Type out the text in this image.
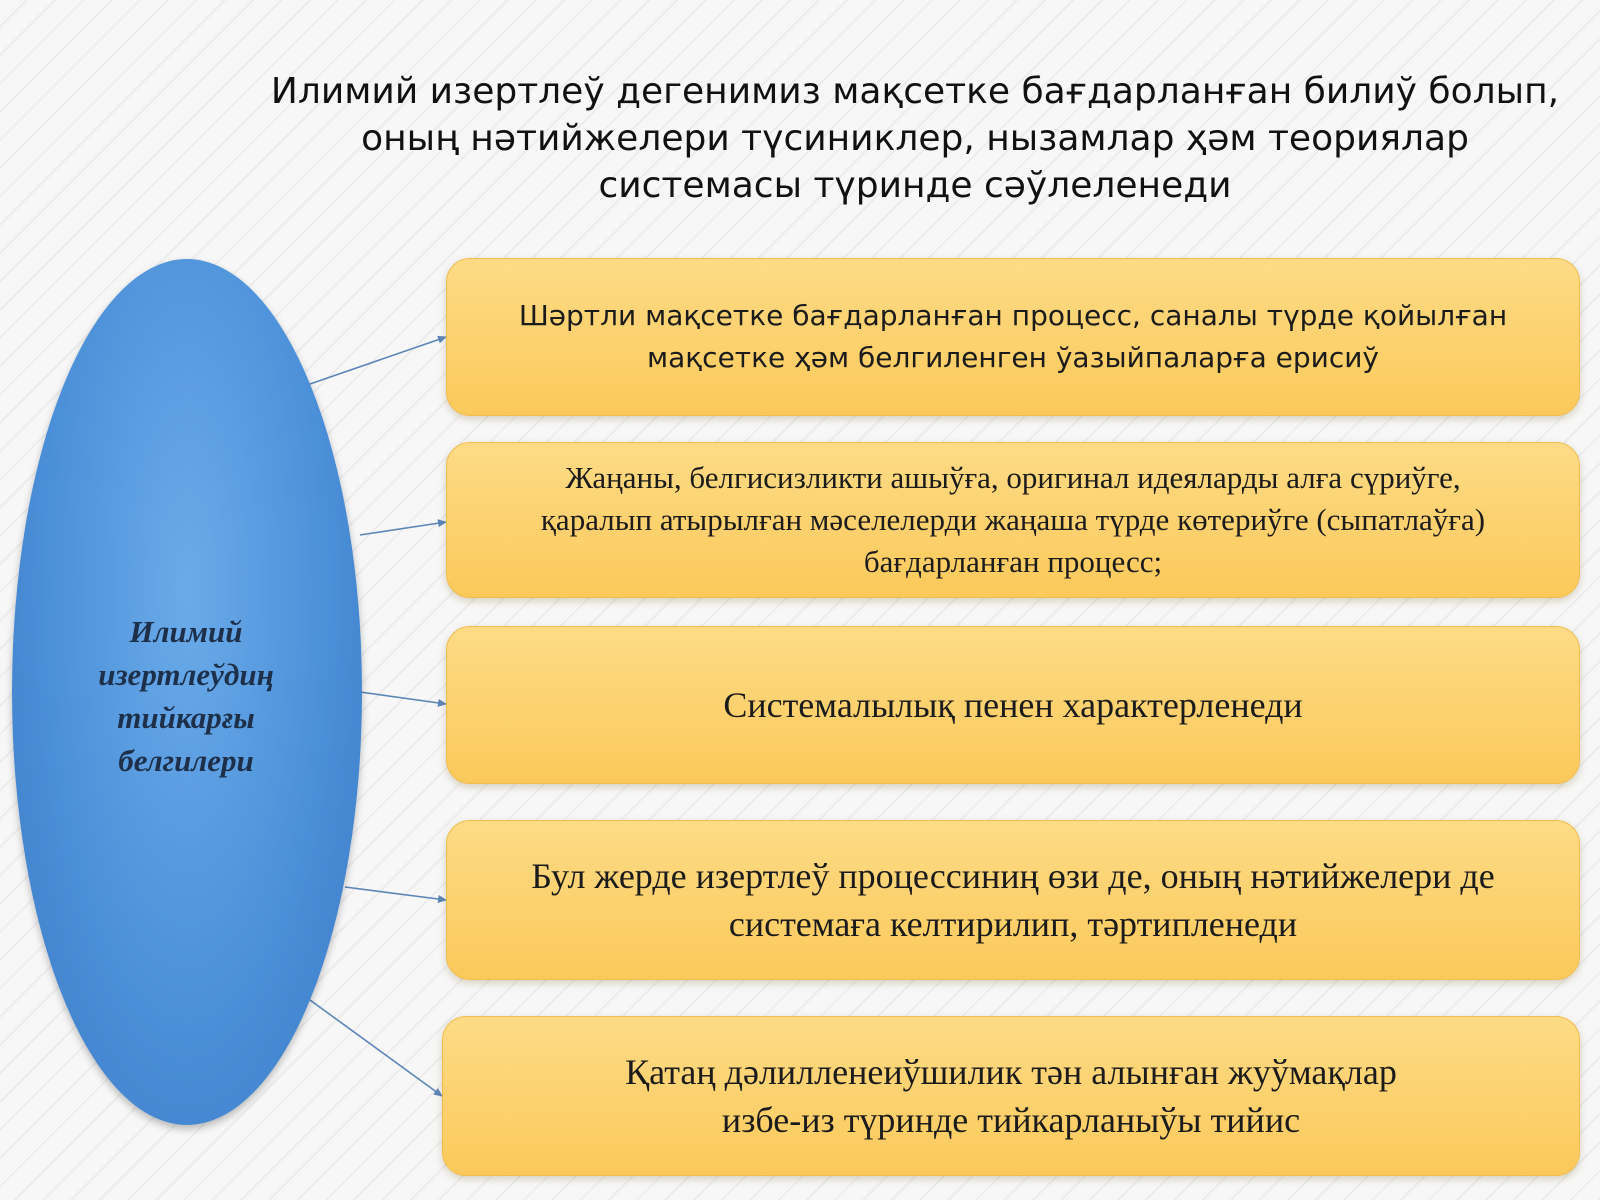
Илимий изертлеў дегенимиз мақсетке бағдарланған билиў болып,
оның нәтийжелери түсиниклер, нызамлар ҳәм теориялар
системасы түринде сәўлеленеди

Илимий
изертлеўдиң
тийкарғы
белгилери

Шәртли мақсетке бағдарланған процесс, саналы түрде қойылған
мақсетке ҳәм белгиленген ўазыйпаларға ерисиў
Жаңаны, белгисизликти ашыўға, оригинал идеяларды алға сүриўге,
қаралып атырылған мәселелерди жаңаша түрде көтериўге (сыпатлаўға)
бағдарланған процесс;
Системалылық пенен характерленеди
Бул жерде изертлеў процессиниң өзи де, оның нәтийжелери де
системаға келтирилип, тәртипленеди
Қатаң дәлилленеиўшилик тән алынған жуўмақлар
избе-из түринде тийкарланыўы тийис
